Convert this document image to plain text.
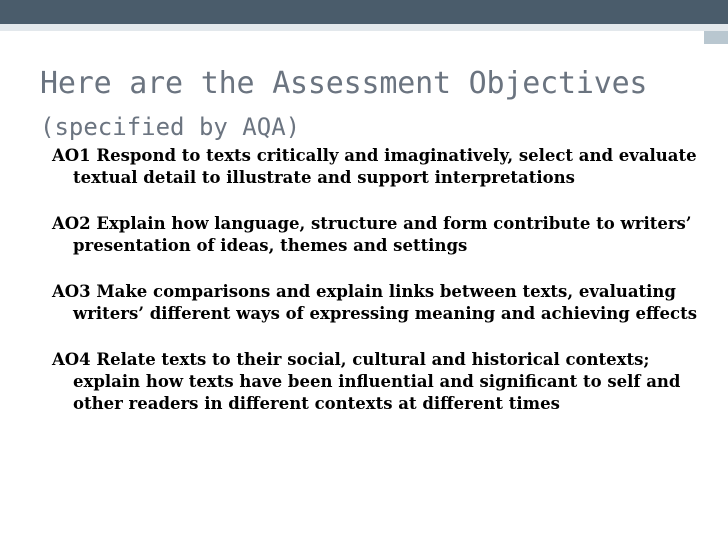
Here are the Assessment Objectives
(specified by AQA)
AO1 Respond to texts critically and imaginatively, select and evaluate textual detail to illustrate and support interpretations
AO2 Explain how language, structure and form contribute to writers’ presentation of ideas, themes and settings
AO3 Make comparisons and explain links between texts, evaluating writers’ different ways of expressing meaning and achieving effects
AO4 Relate texts to their social, cultural and historical contexts; explain how texts have been influential and significant to self and other readers in different contexts at different times
